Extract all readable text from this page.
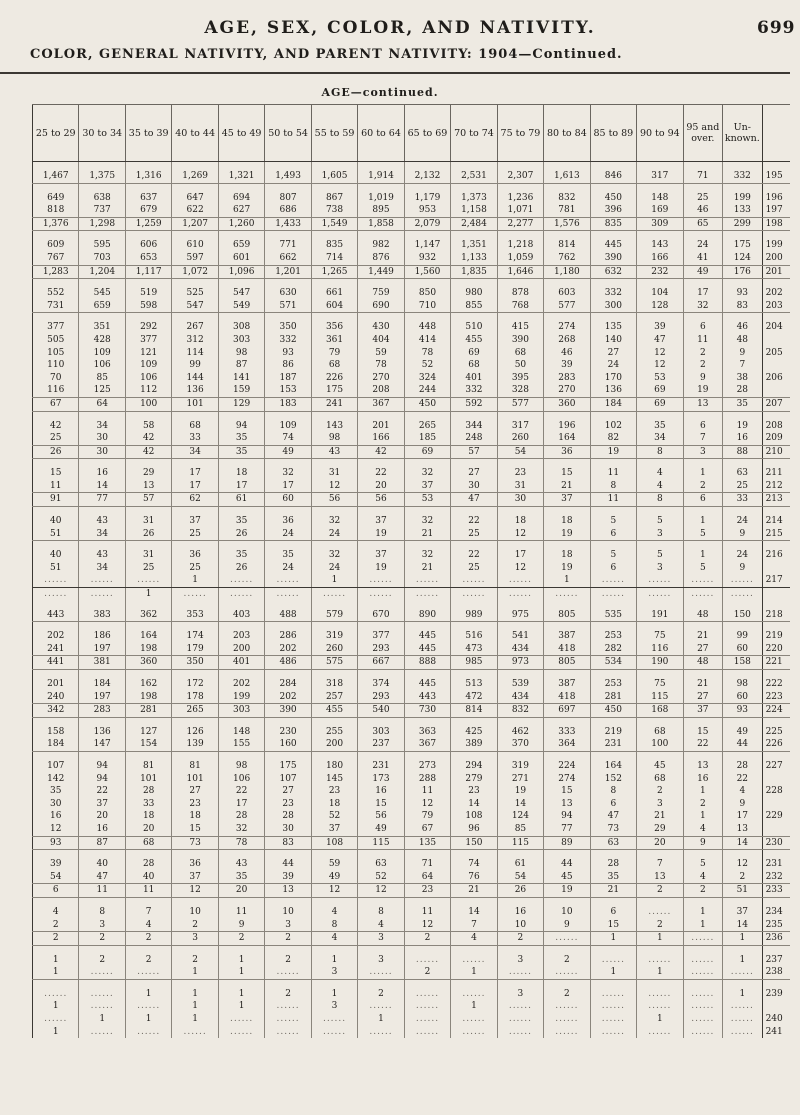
AGE, SEX, COLOR, AND NATIVITY.	699
COLOR, GENERAL NATIVITY, AND PARENT NATIVITY: 1904—Continued.
AGE—continued.
25 to 29	30 to 34	35 to 39	40 to 44	45 to 49	50 to 54	55 to 59	60 to 64	65 to 69	70 to 74	75 to 79	80 to 84	85 to 89	90 to 94	95 and over.	Un-known.	

1,467	1,375	1,316	1,269	1,321	1,493	1,605	1,914	2,132	2,531	2,307	1,613	846	317	71	332	195

649	638	637	647	694	807	867	1,019	1,179	1,373	1,236	832	450	148	25	199	196
818	737	679	622	627	686	738	895	953	1,158	1,071	781	396	169	46	133	197
1,376	1,298	1,259	1,207	1,260	1,433	1,549	1,858	2,079	2,484	2,277	1,576	835	309	65	299	198

609	595	606	610	659	771	835	982	1,147	1,351	1,218	814	445	143	24	175	199
767	703	653	597	601	662	714	876	932	1,133	1,059	762	390	166	41	124	200
1,283	1,204	1,117	1,072	1,096	1,201	1,265	1,449	1,560	1,835	1,646	1,180	632	232	49	176	201

552	545	519	525	547	630	661	759	850	980	878	603	332	104	17	93	202
731	659	598	547	549	571	604	690	710	855	768	577	300	128	32	83	203

377	351	292	267	308	350	356	430	448	510	415	274	135	39	6	46	204
505	428	377	312	303	332	361	404	414	455	390	268	140	47	11	48	
105	109	121	114	98	93	79	59	78	69	68	46	27	12	2	9	205
110	106	109	99	87	86	68	78	52	68	50	39	24	12	2	7	
70	85	106	144	141	187	226	270	324	401	395	283	170	53	9	38	206
116	125	112	136	159	153	175	208	244	332	328	270	136	69	19	28	
67	64	100	101	129	183	241	367	450	592	577	360	184	69	13	35	207

42	34	58	68	94	109	143	201	265	344	317	196	102	35	6	19	208
25	30	42	33	35	74	98	166	185	248	260	164	82	34	7	16	209
26	30	42	34	35	49	43	42	69	57	54	36	19	8	3	88	210

15	16	29	17	18	32	31	22	32	27	23	15	11	4	1	63	211
11	14	13	17	17	17	12	20	37	30	31	21	8	4	2	25	212
91	77	57	62	61	60	56	56	53	47	30	37	11	8	6	33	213

40	43	31	37	35	36	32	37	32	22	18	18	5	5	1	24	214
51	34	26	25	26	24	24	19	21	25	12	19	6	3	5	9	215

40	43	31	36	35	35	32	37	32	22	17	18	5	5	1	24	216
51	34	25	25	26	24	24	19	21	25	12	19	6	3	5	9	
......	......	......	1	......	......	1	......	......	......	......	1	......	......	......	......	217
......	......	1	......	......	......	......	......	......	......	......	......	......	......	......	......	

443	383	362	353	403	488	579	670	890	989	975	805	535	191	48	150	218

202	186	164	174	203	286	319	377	445	516	541	387	253	75	21	99	219
241	197	198	179	200	202	260	293	445	473	434	418	282	116	27	60	220
441	381	360	350	401	486	575	667	888	985	973	805	534	190	48	158	221

201	184	162	172	202	284	318	374	445	513	539	387	253	75	21	98	222
240	197	198	178	199	202	257	293	443	472	434	418	281	115	27	60	223
342	283	281	265	303	390	455	540	730	814	832	697	450	168	37	93	224

158	136	127	126	148	230	255	303	363	425	462	333	219	68	15	49	225
184	147	154	139	155	160	200	237	367	389	370	364	231	100	22	44	226

107	94	81	81	98	175	180	231	273	294	319	224	164	45	13	28	227
142	94	101	101	106	107	145	173	288	279	271	274	152	68	16	22	
35	22	28	27	22	27	23	16	11	23	19	15	8	2	1	4	228
30	37	33	23	17	23	18	15	12	14	14	13	6	3	2	9	
16	20	18	18	28	28	52	56	79	108	124	94	47	21	1	17	229
12	16	20	15	32	30	37	49	67	96	85	77	73	29	4	13	
93	87	68	73	78	83	108	115	135	150	115	89	63	20	9	14	230

39	40	28	36	43	44	59	63	71	74	61	44	28	7	5	12	231
54	47	40	37	35	39	49	52	64	76	54	45	35	13	4	2	232
6	11	11	12	20	13	12	12	23	21	26	19	21	2	2	51	233

4	8	7	10	11	10	4	8	11	14	16	10	6	......	1	37	234
2	3	4	2	9	3	8	4	12	7	10	9	15	2	1	14	235
2	2	2	3	2	2	4	3	2	4	2	......	1	1	......	1	236

1	2	2	2	1	2	1	3	......	......	3	2	......	......	......	1	237
1	......	......	1	1	......	3	......	2	1	......	......	1	1	......	......	238

......	......	1	1	1	2	1	2	......	......	3	2	......	......	......	1	239
1	......	......	1	1	......	3	......	......	1	......	......	......	......	......	......	
......	1	1	1	......	......	......	1	......	......	......	......	......	1	......	......	240
1	......	......	......	......	......	......	......	......	......	......	......	......	......	......	......	241
